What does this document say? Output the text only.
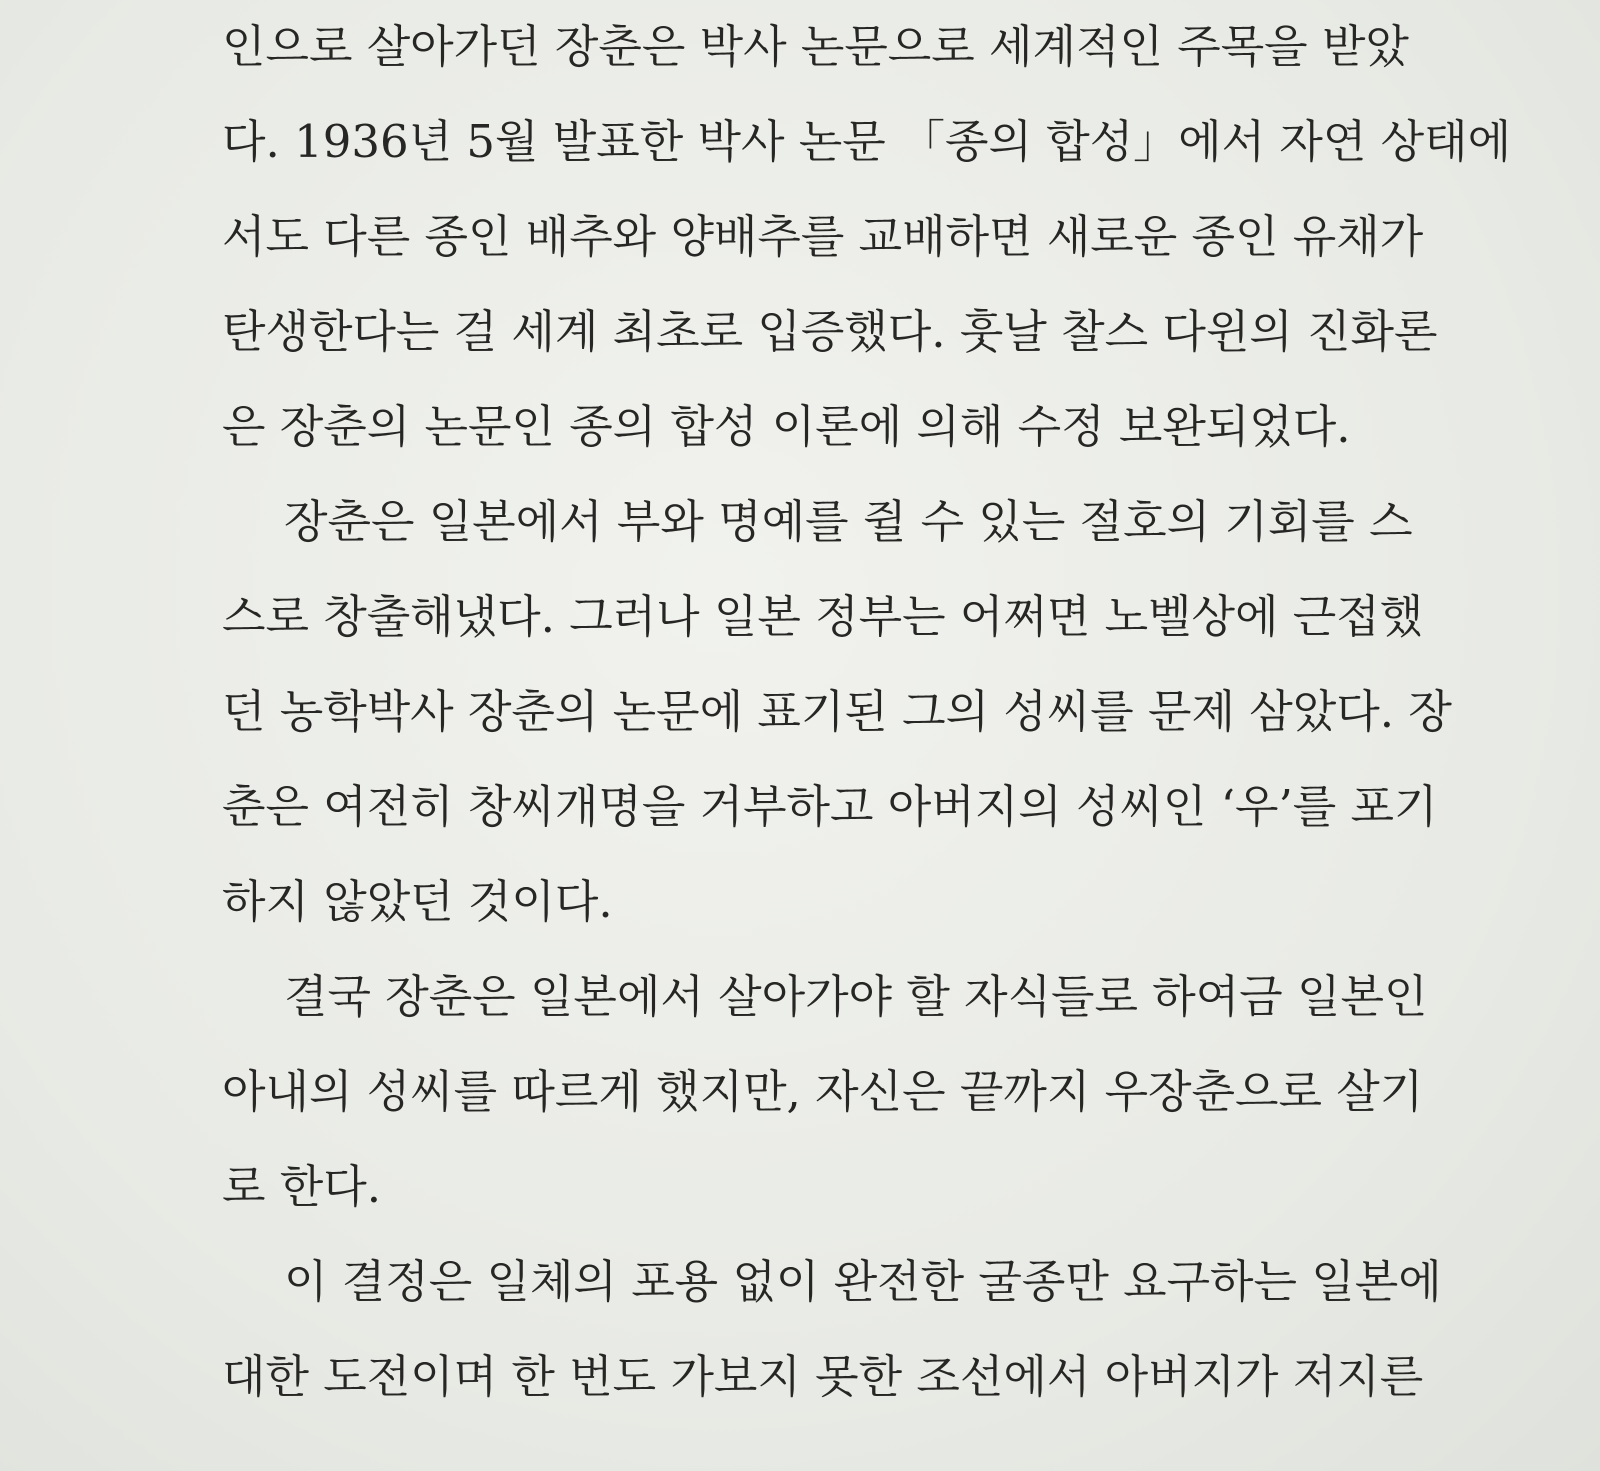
인으로 살아가던 장춘은 박사 논문으로 세계적인 주목을 받았
다. 1936년 5월 발표한 박사 논문 「종의 합성」에서 자연 상태에
서도 다른 종인 배추와 양배추를 교배하면 새로운 종인 유채가
탄생한다는 걸 세계 최초로 입증했다. 훗날 찰스 다윈의 진화론
은 장춘의 논문인 종의 합성 이론에 의해 수정 보완되었다.
장춘은 일본에서 부와 명예를 쥘 수 있는 절호의 기회를 스
스로 창출해냈다. 그러나 일본 정부는 어쩌면 노벨상에 근접했
던 농학박사 장춘의 논문에 표기된 그의 성씨를 문제 삼았다. 장
춘은 여전히 창씨개명을 거부하고 아버지의 성씨인 ‘우’를 포기
하지 않았던 것이다.
결국 장춘은 일본에서 살아가야 할 자식들로 하여금 일본인
아내의 성씨를 따르게 했지만, 자신은 끝까지 우장춘으로 살기
로 한다.
이 결정은 일체의 포용 없이 완전한 굴종만 요구하는 일본에
대한 도전이며 한 번도 가보지 못한 조선에서 아버지가 저지른
